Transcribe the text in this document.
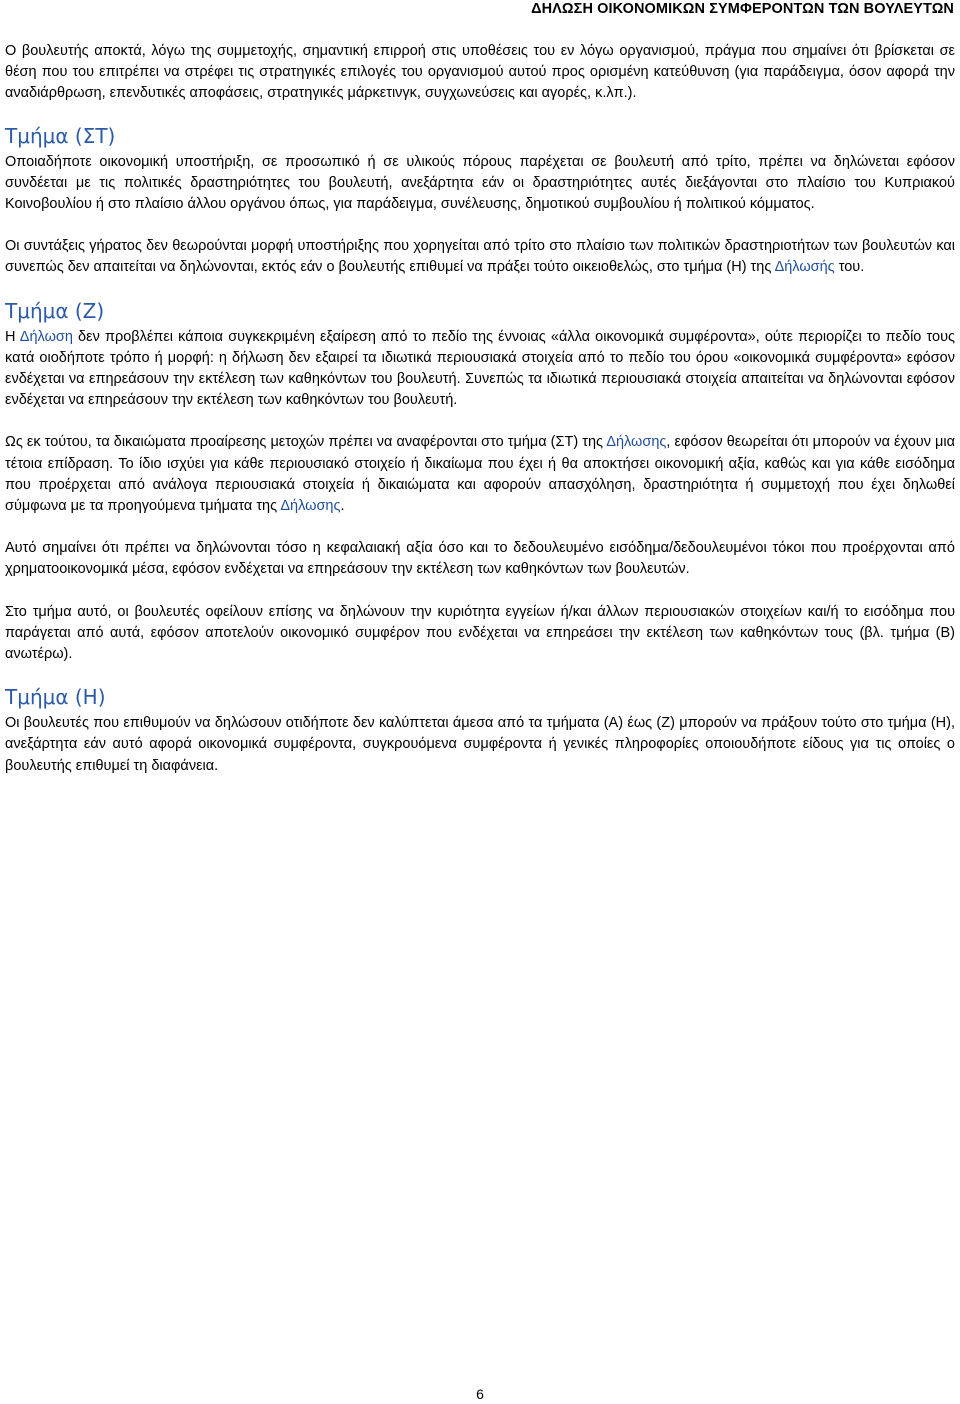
ΔΗΛΩΣΗ ΟΙΚΟΝΟΜΙΚΩΝ ΣΥΜΦΕΡΟΝΤΩΝ ΤΩΝ ΒΟΥΛΕΥΤΩΝ

Ο βουλευτής αποκτά, λόγω της συμμετοχής, σημαντική επιρροή στις υποθέσεις του εν λόγω οργανισμού, πράγμα που σημαίνει ότι βρίσκεται σε θέση που του επιτρέπει να στρέφει τις στρατηγικές επιλογές του οργανισμού αυτού προς ορισμένη κατεύθυνση (για παράδειγμα, όσον αφορά την αναδιάρθρωση, επενδυτικές αποφάσεις, στρατηγικές μάρκετινγκ, συγχωνεύσεις και αγορές, κ.λπ.).

Τμήμα (ΣΤ)

Οποιαδήποτε οικονομική υποστήριξη, σε προσωπικό ή σε υλικούς πόρους παρέχεται σε βουλευτή από τρίτο, πρέπει να δηλώνεται εφόσον συνδέεται με τις πολιτικές δραστηριότητες του βουλευτή, ανεξάρτητα εάν οι δραστηριότητες αυτές διεξάγονται στο πλαίσιο του Κυπριακού Κοινοβουλίου ή στο πλαίσιο άλλου οργάνου όπως, για παράδειγμα, συνέλευσης, δημοτικού συμβουλίου ή πολιτικού κόμματος.

Οι συντάξεις γήρατος δεν θεωρούνται μορφή υποστήριξης που χορηγείται από τρίτο στο πλαίσιο των πολιτικών δραστηριοτήτων των βουλευτών και συνεπώς δεν απαιτείται να δηλώνονται, εκτός εάν ο βουλευτής επιθυμεί να πράξει τούτο οικειοθελώς, στο τμήμα (Η) της Δήλωσής του.

Τμήμα (Ζ)

Η Δήλωση δεν προβλέπει κάποια συγκεκριμένη εξαίρεση από το πεδίο της έννοιας «άλλα οικονομικά συμφέροντα», ούτε περιορίζει το πεδίο τους κατά οιοδήποτε τρόπο ή μορφή: η δήλωση δεν εξαιρεί τα ιδιωτικά περιουσιακά στοιχεία από το πεδίο του όρου «οικονομικά συμφέροντα» εφόσον ενδέχεται να επηρεάσουν την εκτέλεση των καθηκόντων του βουλευτή. Συνεπώς τα ιδιωτικά περιουσιακά στοιχεία απαιτείται να δηλώνονται εφόσον ενδέχεται να επηρεάσουν την εκτέλεση των καθηκόντων του βουλευτή.

Ως εκ τούτου, τα δικαιώματα προαίρεσης μετοχών πρέπει να αναφέρονται στο τμήμα (ΣΤ) της Δήλωσης, εφόσον θεωρείται ότι μπορούν να έχουν μια τέτοια επίδραση. Το ίδιο ισχύει για κάθε περιουσιακό στοιχείο ή δικαίωμα που έχει ή θα αποκτήσει οικονομική αξία, καθώς και για κάθε εισόδημα που προέρχεται από ανάλογα περιουσιακά στοιχεία ή δικαιώματα και αφορούν απασχόληση, δραστηριότητα ή συμμετοχή που έχει δηλωθεί σύμφωνα με τα προηγούμενα τμήματα της Δήλωσης.

Αυτό σημαίνει ότι πρέπει να δηλώνονται τόσο η κεφαλαιακή αξία όσο και το δεδουλευμένο εισόδημα/δεδουλευμένοι τόκοι που προέρχονται από χρηματοοικονομικά μέσα, εφόσον ενδέχεται να επηρεάσουν την εκτέλεση των καθηκόντων των βουλευτών.

Στο τμήμα αυτό, οι βουλευτές οφείλουν επίσης να δηλώνουν την κυριότητα εγγείων ή/και άλλων περιουσιακών στοιχείων και/ή το εισόδημα που παράγεται από αυτά, εφόσον αποτελούν οικονομικό συμφέρον που ενδέχεται να επηρεάσει την εκτέλεση των καθηκόντων τους (βλ. τμήμα (Β) ανωτέρω).

Τμήμα (Η)

Οι βουλευτές που επιθυμούν να δηλώσουν οτιδήποτε δεν καλύπτεται άμεσα από τα τμήματα (Α) έως (Ζ) μπορούν να πράξουν τούτο στο τμήμα (Η), ανεξάρτητα εάν αυτό αφορά οικονομικά συμφέροντα, συγκρουόμενα συμφέροντα ή γενικές πληροφορίες οποιουδήποτε είδους για τις οποίες ο βουλευτής επιθυμεί τη διαφάνεια.

6
